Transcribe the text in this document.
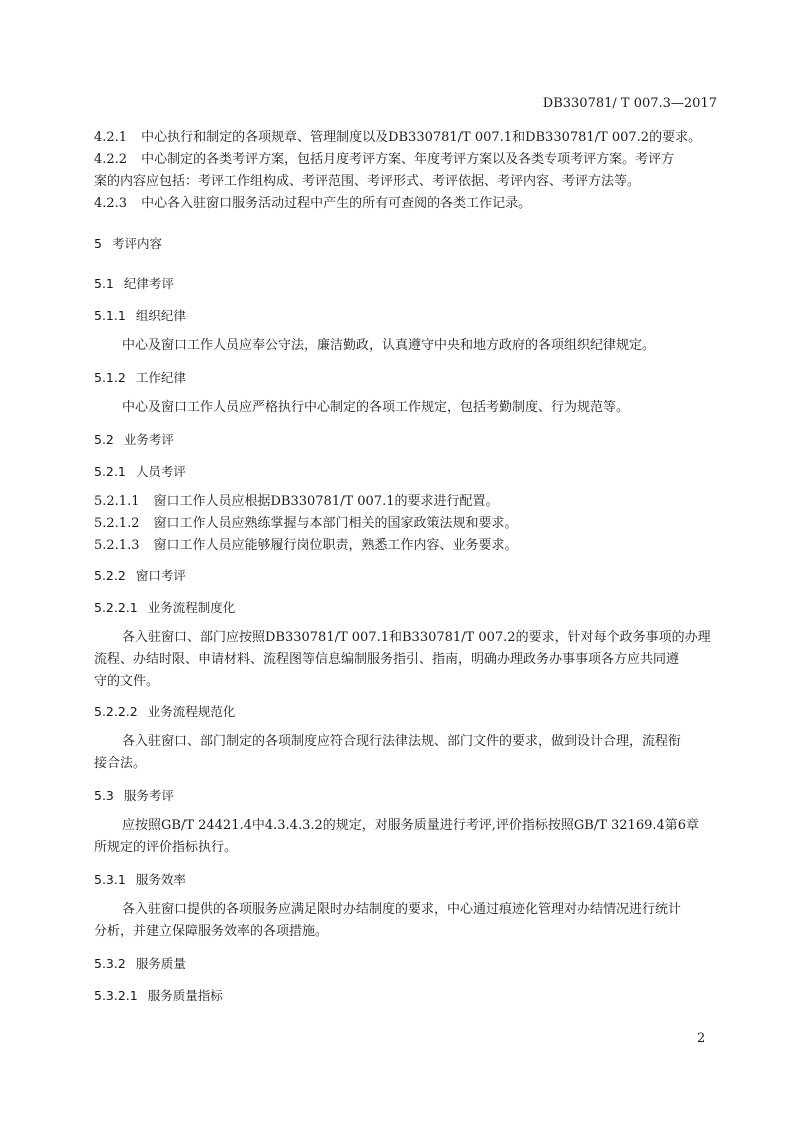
DB330781/ T 007.3—2017
4.2.1 中心执行和制定的各项规章、管理制度以及DB330781/T 007.1和DB330781/T 007.2的要求。
4.2.2 中心制定的各类考评方案，包括月度考评方案、年度考评方案以及各类专项考评方案。考评方
案的内容应包括：考评工作组构成、考评范围、考评形式、考评依据、考评内容、考评方法等。
4.2.3 中心各入驻窗口服务活动过程中产生的所有可查阅的各类工作记录。
5 考评内容
5.1 纪律考评
5.1.1 组织纪律
中心及窗口工作人员应奉公守法，廉洁勤政，认真遵守中央和地方政府的各项组织纪律规定。
5.1.2 工作纪律
中心及窗口工作人员应严格执行中心制定的各项工作规定，包括考勤制度、行为规范等。
5.2 业务考评
5.2.1 人员考评
5.2.1.1 窗口工作人员应根据DB330781/T 007.1的要求进行配置。
5.2.1.2 窗口工作人员应熟练掌握与本部门相关的国家政策法规和要求。
5.2.1.3 窗口工作人员应能够履行岗位职责，熟悉工作内容、业务要求。
5.2.2 窗口考评
5.2.2.1 业务流程制度化
各入驻窗口、部门应按照DB330781/T 007.1和B330781/T 007.2的要求，针对每个政务事项的办理
流程、办结时限、申请材料、流程图等信息编制服务指引、指南，明确办理政务办事事项各方应共同遵
守的文件。
5.2.2.2 业务流程规范化
各入驻窗口、部门制定的各项制度应符合现行法律法规、部门文件的要求，做到设计合理，流程衔
接合法。
5.3 服务考评
应按照GB/T 24421.4中4.3.4.3.2的规定，对服务质量进行考评,评价指标按照GB/T 32169.4第6章
所规定的评价指标执行。
5.3.1 服务效率
各入驻窗口提供的各项服务应满足限时办结制度的要求，中心通过痕迹化管理对办结情况进行统计
分析，并建立保障服务效率的各项措施。
5.3.2 服务质量
5.3.2.1 服务质量指标
2
